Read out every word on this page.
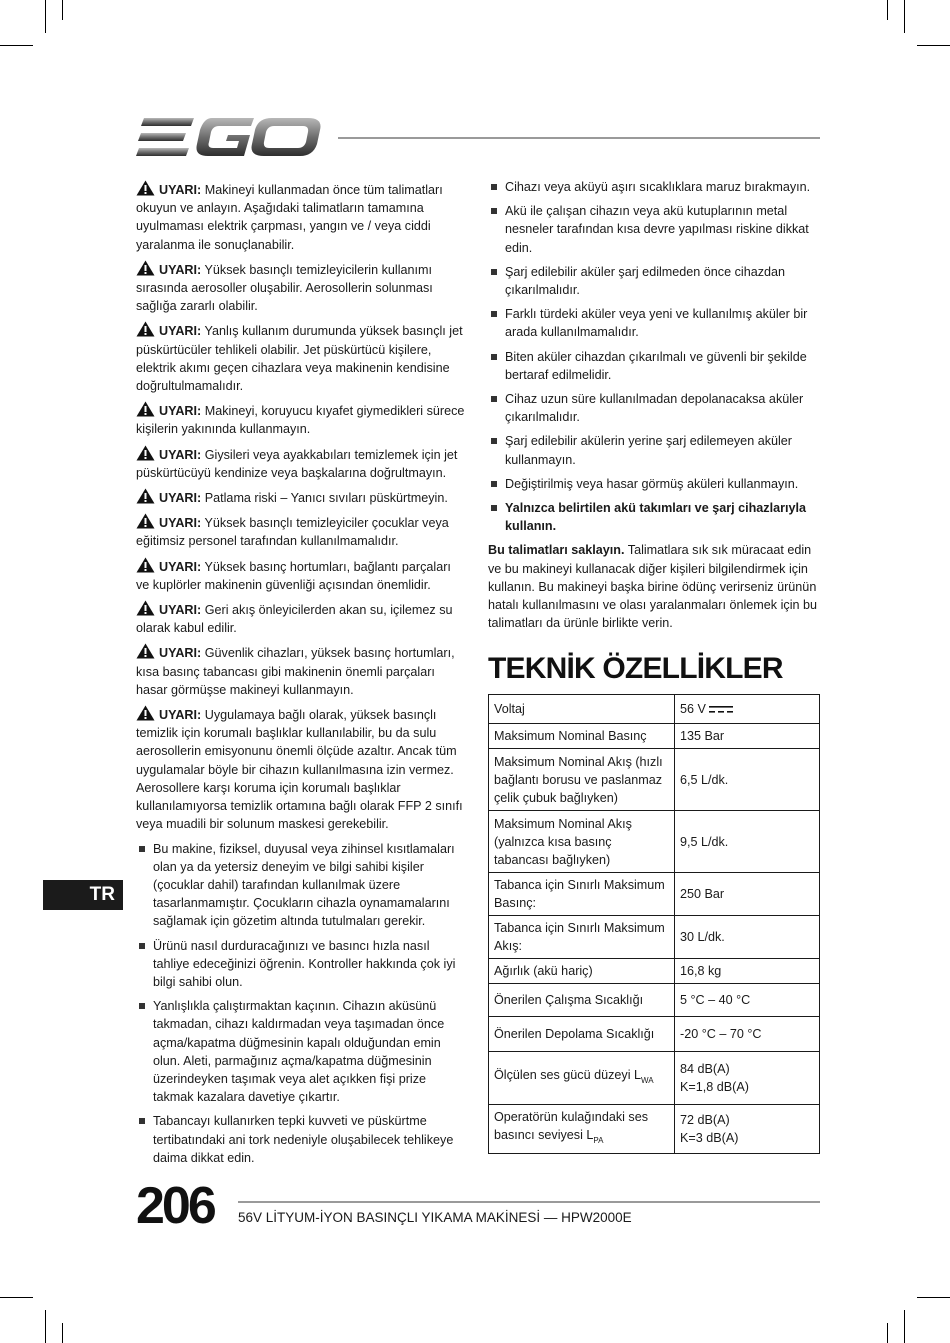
UYARI: Makineyi kullanmadan önce tüm talimatları okuyun ve anlayın. Aşağıdaki talimatların tamamına uyulmaması elektrik çarpması, yangın ve / veya ciddi yaralanma ile sonuçlanabilir.

UYARI: Yüksek basınçlı temizleyicilerin kullanımı sırasında aerosoller oluşabilir. Aerosollerin solunması sağlığa zararlı olabilir.

UYARI: Yanlış kullanım durumunda yüksek basınçlı jet püskürtücüler tehlikeli olabilir. Jet püskürtücü kişilere, elektrik akımı geçen cihazlara veya makinenin kendisine doğrultulmamalıdır.

UYARI: Makineyi, koruyucu kıyafet giymedikleri sürece kişilerin yakınında kullanmayın.

UYARI: Giysileri veya ayakkabıları temizlemek için jet püskürtücüyü kendinize veya başkalarına doğrultmayın.

UYARI: Patlama riski – Yanıcı sıvıları püskürtmeyin.

UYARI: Yüksek basınçlı temizleyiciler çocuklar veya eğitimsiz personel tarafından kullanılmamalıdır.

UYARI: Yüksek basınç hortumları, bağlantı parçaları ve kuplörler makinenin güvenliği açısından önemlidir.

UYARI: Geri akış önleyicilerden akan su, içilemez su olarak kabul edilir.

UYARI: Güvenlik cihazları, yüksek basınç hortumları, kısa basınç tabancası gibi makinenin önemli parçaları hasar görmüşse makineyi kullanmayın.

UYARI: Uygulamaya bağlı olarak, yüksek basınçlı temizlik için korumalı başlıklar kullanılabilir, bu da sulu aerosollerin emisyonunu önemli ölçüde azaltır. Ancak tüm uygulamalar böyle bir cihazın kullanılmasına izin vermez. Aerosollere karşı koruma için korumalı başlıklar kullanılamıyorsa temizlik ortamına bağlı olarak FFP 2 sınıfı veya muadili bir solunum maskesi gerekebilir.

Bu makine, fiziksel, duyusal veya zihinsel kısıtlamaları olan ya da yetersiz deneyim ve bilgi sahibi kişiler (çocuklar dahil) tarafından kullanılmak üzere tasarlanmamıştır. Çocukların cihazla oynamamalarını sağlamak için gözetim altında tutulmaları gerekir.
Ürünü nasıl durduracağınızı ve basıncı hızla nasıl tahliye edeceğinizi öğrenin. Kontroller hakkında çok iyi bilgi sahibi olun.
Yanlışlıkla çalıştırmaktan kaçının. Cihazın aküsünü takmadan, cihazı kaldırmadan veya taşımadan önce açma/kapatma düğmesinin kapalı olduğundan emin olun. Aleti, parmağınız açma/kapatma düğmesinin üzerindeyken taşımak veya alet açıkken fişi prize takmak kazalara davetiye çıkartır.
Tabancayı kullanırken tepki kuvveti ve püskürtme tertibatındaki ani tork nedeniyle oluşabilecek tehlikeye daima dikkat edin.
TR
Cihazı veya aküyü aşırı sıcaklıklara maruz bırakmayın.
Akü ile çalışan cihazın veya akü kutuplarının metal nesneler tarafından kısa devre yapılması riskine dikkat edin.
Şarj edilebilir aküler şarj edilmeden önce cihazdan çıkarılmalıdır.
Farklı türdeki aküler veya yeni ve kullanılmış aküler bir arada kullanılmamalıdır.
Biten aküler cihazdan çıkarılmalı ve güvenli bir şekilde bertaraf edilmelidir.
Cihaz uzun süre kullanılmadan depolanacaksa aküler çıkarılmalıdır.
Şarj edilebilir akülerin yerine şarj edilemeyen aküler kullanmayın.
Değiştirilmiş veya hasar görmüş aküleri kullanmayın.
Yalnızca belirtilen akü takımları ve şarj cihazlarıyla kullanın.

Bu talimatları saklayın. Talimatlara sık sık müracaat edin ve bu makineyi kullanacak diğer kişileri bilgilendirmek için kullanın. Bu makineyi başka birine ödünç verirseniz ürünün hatalı kullanılmasını ve olası yaralanmaları önlemek için bu talimatları da ürünle birlikte verin.

TEKNİK ÖZELLİKLER
Voltaj	56 V
Maksimum Nominal Basınç	135 Bar
Maksimum Nominal Akış (hızlı bağlantı borusu ve paslanmaz çelik çubuk bağlıyken)	6,5 L/dk.
Maksimum Nominal Akış (yalnızca kısa basınç tabancası bağlıyken)	9,5 L/dk.
Tabanca için Sınırlı Maksimum Basınç:	250 Bar
Tabanca için Sınırlı Maksimum Akış:	30 L/dk.
Ağırlık (akü hariç)	16,8 kg
Önerilen Çalışma Sıcaklığı	5 °C – 40 °C
Önerilen Depolama Sıcaklığı	-20 °C – 70 °C
Ölçülen ses gücü düzeyi $L_{WA}$	84 dB(A)
K=1,8 dB(A)
Operatörün kulağındaki ses basıncı seviyesi $L_{PA}$	72 dB(A)
K=3 dB(A)
206 56V LİTYUM-İYON BASINÇLI YIKAMA MAKİNESİ — HPW2000E
